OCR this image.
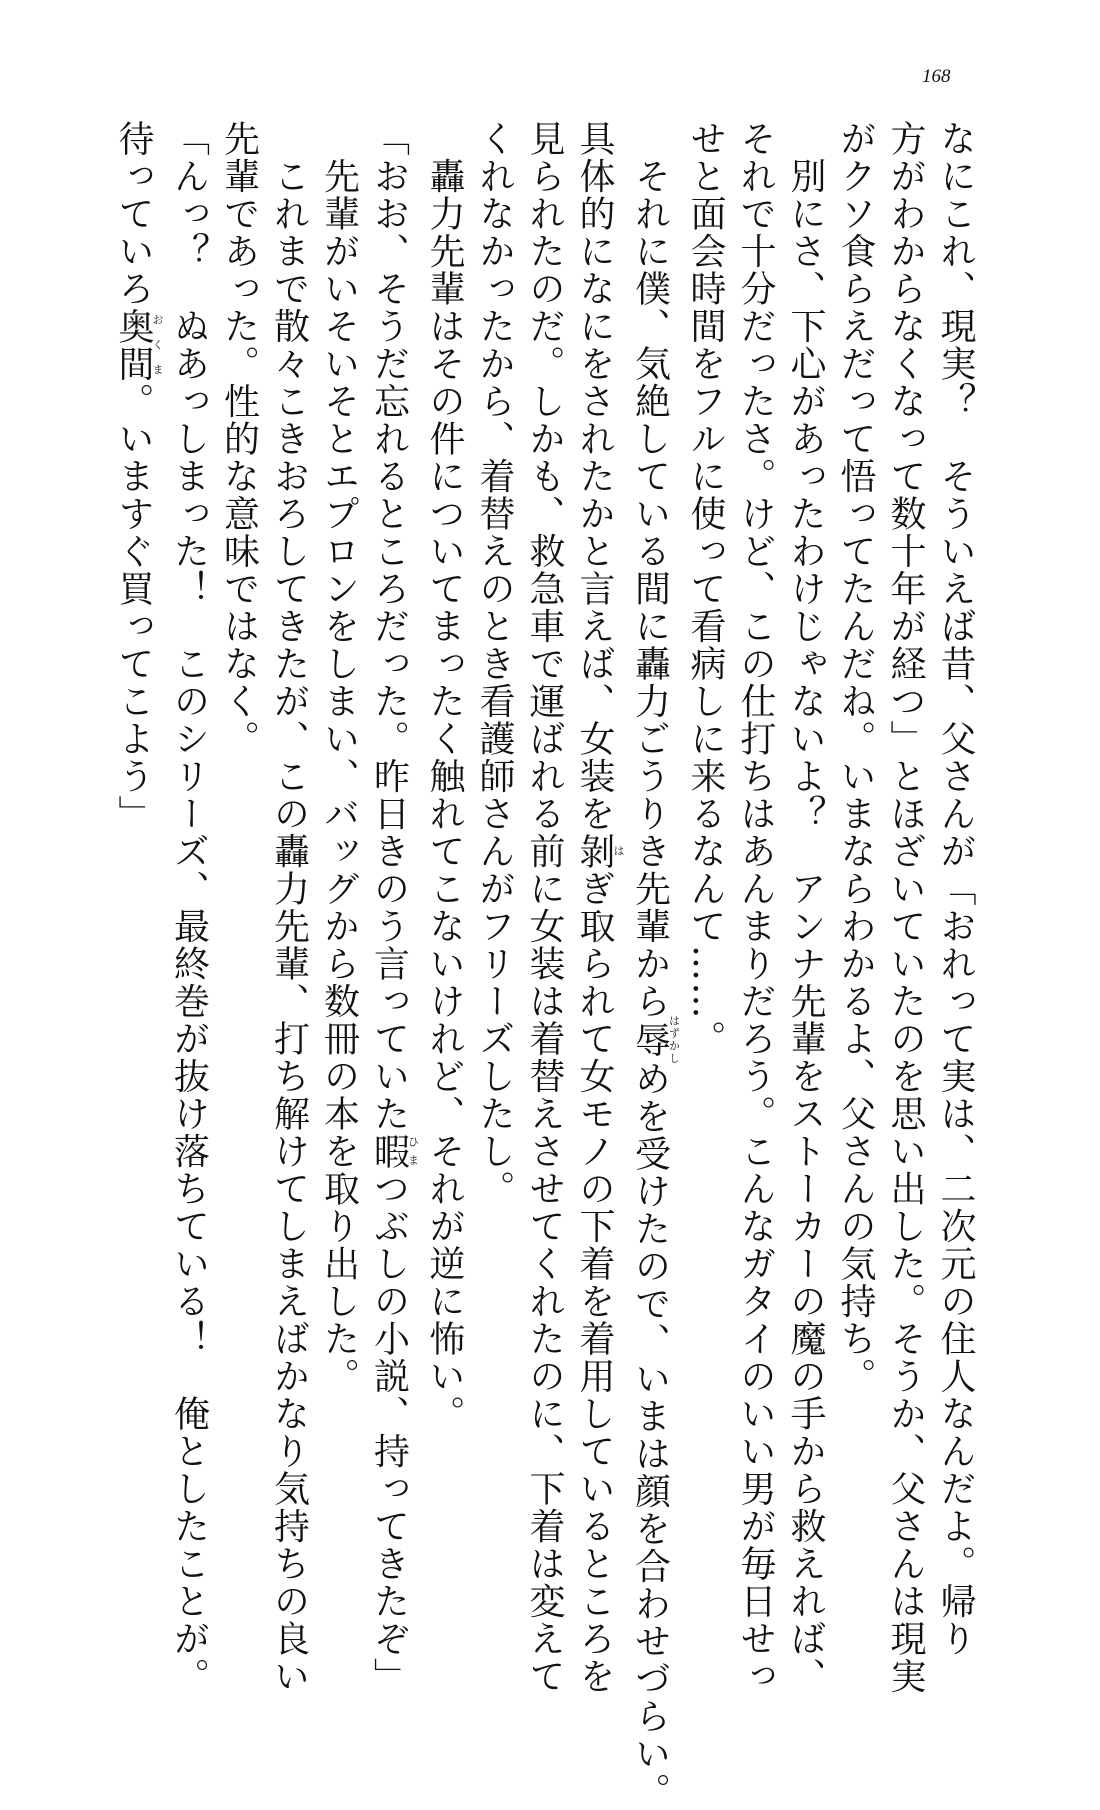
168
なにこれ、現実？　そういえば昔、父さんが「おれって実は、二次元の住人なんだよ。帰り
方がわからなくなって数十年が経つ」とほざいていたのを思い出した。そうか、父さんは現実
がクソ食らえだって悟ってたんだね。いまならわかるよ、父さんの気持ち。
　別にさ、下心があったわけじゃないよ？　アンナ先輩をストーカーの魔の手から救えれば、
それで十分だったさ。けど、この仕打ちはあんまりだろう。こんなガタイのいい男が毎日せっ
せと面会時間をフルに使って看病しに来るなんて……。
　それに僕、気絶している間に轟力ごうりき先輩から辱はずかしめを受けたので、いまは顔を合わせづらい。
具体的になにをされたかと言えば、女装を剝はぎ取られて女モノの下着を着用しているところを
見られたのだ。しかも、救急車で運ばれる前に女装は着替えさせてくれたのに、下着は変えて
くれなかったから、着替えのとき看護師さんがフリーズしたし。
　轟力先輩はその件についてまったく触れてこないけれど、それが逆に怖い。
「おお、そうだ忘れるところだった。昨日きのう言っていた暇ひまつぶしの小説、持ってきたぞ」
　先輩がいそいそとエプロンをしまい、バッグから数冊の本を取り出した。
　これまで散々こきおろしてきたが、この轟力先輩、打ち解けてしまえばかなり気持ちの良い
先輩であった。性的な意味ではなく。
「んっ？　ぬあっしまった！　このシリーズ、最終巻が抜け落ちている！　俺としたことが。
待っていろ奥間おくま。いますぐ買ってこよう」
